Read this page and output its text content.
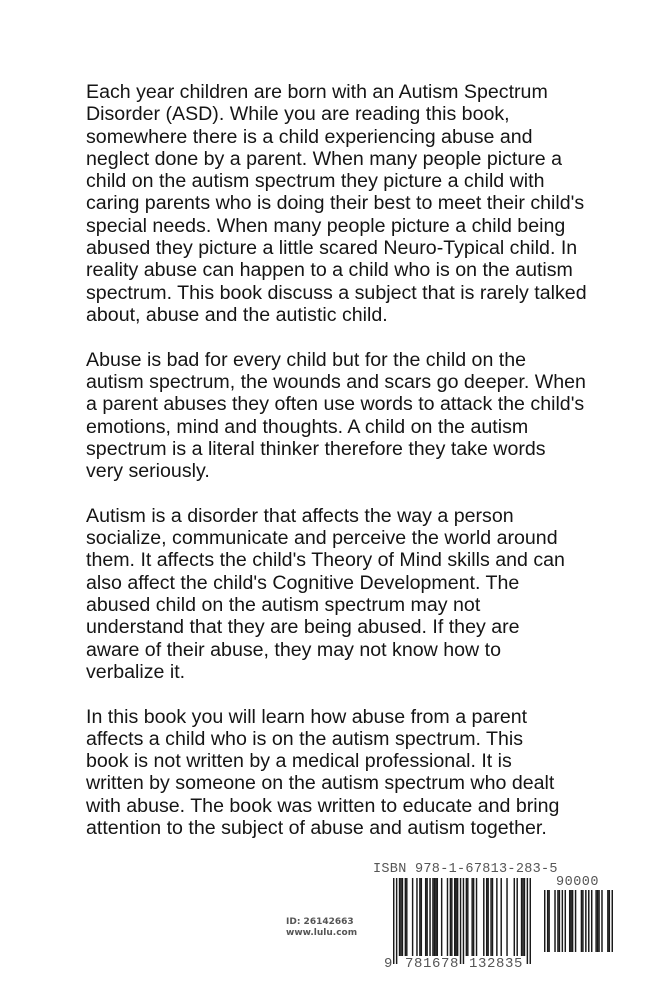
Each year children are born with an Autism Spectrum
Disorder (ASD). While you are reading this book,
somewhere there is a child experiencing abuse and
neglect done by a parent. When many people picture a
child on the autism spectrum they picture a child with
caring parents who is doing their best to meet their child's
special needs. When many people picture a child being
abused they picture a little scared Neuro-Typical child. In
reality abuse can happen to a child who is on the autism
spectrum. This book discuss a subject that is rarely talked
about, abuse and the autistic child.

Abuse is bad for every child but for the child on the
autism spectrum, the wounds and scars go deeper. When
a parent abuses they often use words to attack the child's
emotions, mind and thoughts. A child on the autism
spectrum is a literal thinker therefore they take words
very seriously.

Autism is a disorder that affects the way a person
socialize, communicate and perceive the world around
them. It affects the child's Theory of Mind skills and can
also affect the child's Cognitive Development. The
abused child on the autism spectrum may not
understand that they are being abused. If they are
aware of their abuse, they may not know how to
verbalize it.

In this book you will learn how abuse from a parent
affects a child who is on the autism spectrum. This
book is not written by a medical professional. It is
written by someone on the autism spectrum who dealt
with abuse. The book was written to educate and bring
attention to the subject of abuse and autism together.

ID: 26142663
www.lulu.com
ISBN 978-1-67813-283-5
90000
9 781678 132835
